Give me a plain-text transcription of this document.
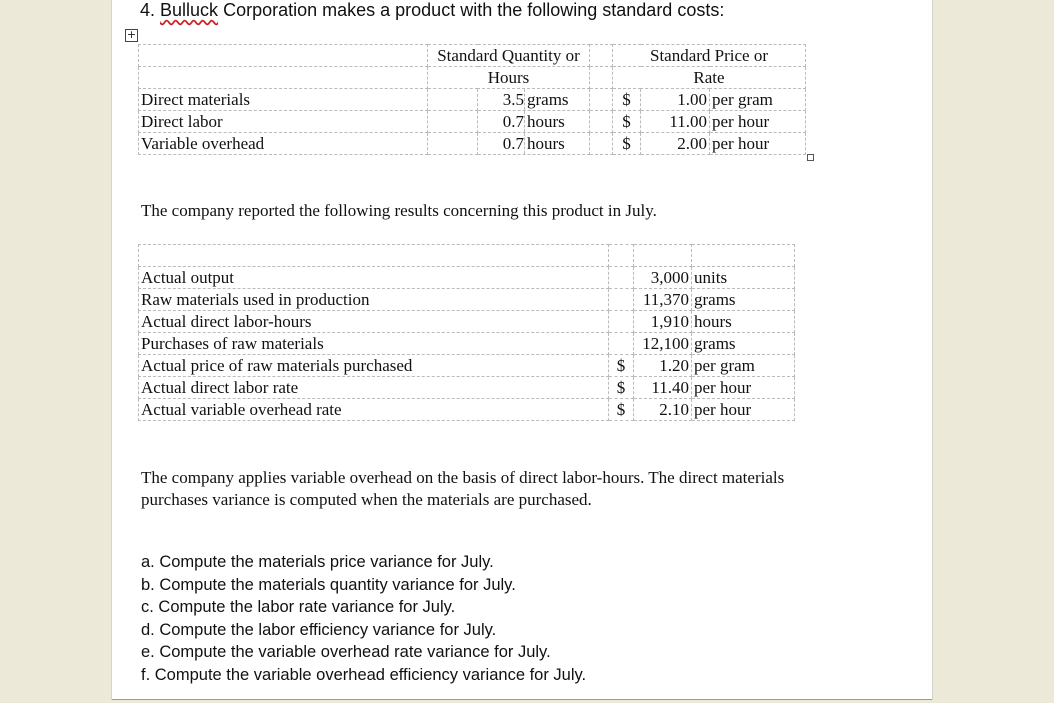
4. Bulluck Corporation makes a product with the following standard costs:
+
	Standard Quantity or			Standard Price or		
	Hours			Rate		
Direct materials		3.5 grams		$	1.00	per gram
Direct labor		0.7 hours		$	11.00	per hour
Variable overhead		0.7 hours		$	2.00	per hour
The company reported the following results concerning this product in July.

Actual output		3,000	units
Raw materials used in production		11,370	grams
Actual direct labor-hours		1,910	hours
Purchases of raw materials		12,100	grams
Actual price of raw materials purchased	$	1.20	per gram
Actual direct labor rate	$	11.40	per hour
Actual variable overhead rate	$	2.10	per hour
The company applies variable overhead on the basis of direct labor-hours. The direct materials
purchases variance is computed when the materials are purchased.
a. Compute the materials price variance for July.
b. Compute the materials quantity variance for July.
c. Compute the labor rate variance for July.
d. Compute the labor efficiency variance for July.
e. Compute the variable overhead rate variance for July.
f. Compute the variable overhead efficiency variance for July.
